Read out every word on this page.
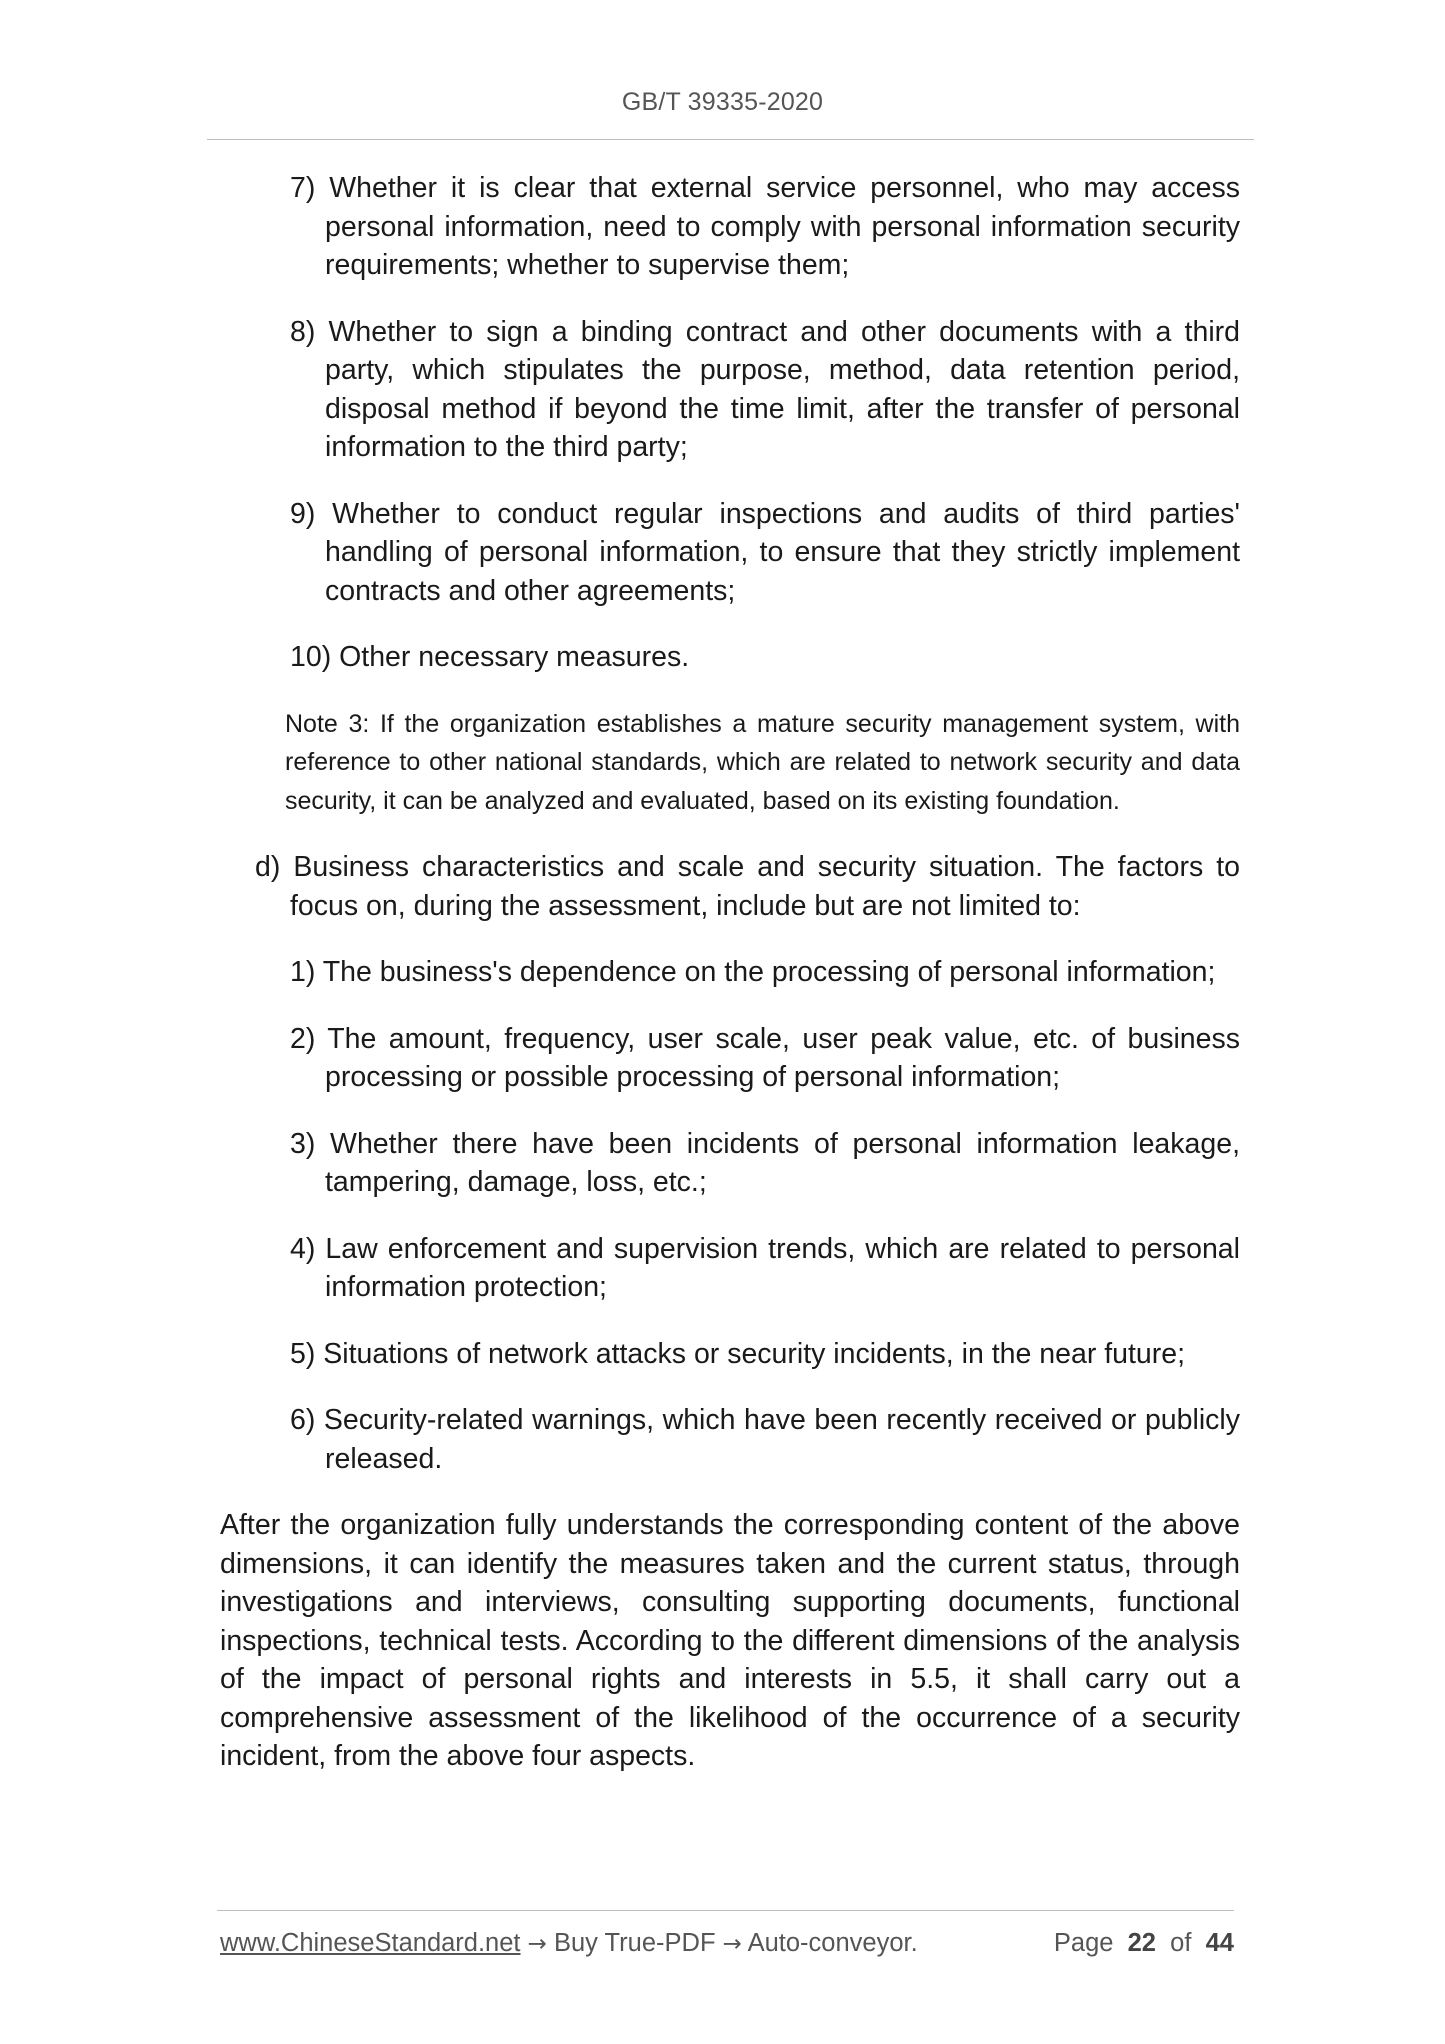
GB/T 39335-2020

7) Whether it is clear that external service personnel, who may access personal information, need to comply with personal information security requirements; whether to supervise them;

8) Whether to sign a binding contract and other documents with a third party, which stipulates the purpose, method, data retention period, disposal method if beyond the time limit, after the transfer of personal information to the third party;

9) Whether to conduct regular inspections and audits of third parties' handling of personal information, to ensure that they strictly implement contracts and other agreements;

10) Other necessary measures.

Note 3: If the organization establishes a mature security management system, with reference to other national standards, which are related to network security and data security, it can be analyzed and evaluated, based on its existing foundation.

d) Business characteristics and scale and security situation. The factors to focus on, during the assessment, include but are not limited to:

1) The business's dependence on the processing of personal information;

2) The amount, frequency, user scale, user peak value, etc. of business processing or possible processing of personal information;

3) Whether there have been incidents of personal information leakage, tampering, damage, loss, etc.;

4) Law enforcement and supervision trends, which are related to personal information protection;

5) Situations of network attacks or security incidents, in the near future;

6) Security-related warnings, which have been recently received or publicly released.

After the organization fully understands the corresponding content of the above dimensions, it can identify the measures taken and the current status, through investigations and interviews, consulting supporting documents, functional inspections, technical tests. According to the different dimensions of the analysis of the impact of personal rights and interests in 5.5, it shall carry out a comprehensive assessment of the likelihood of the occurrence of a security incident, from the above four aspects.

www.ChineseStandard.net → Buy True-PDF → Auto-conveyor.	Page 22 of 44
